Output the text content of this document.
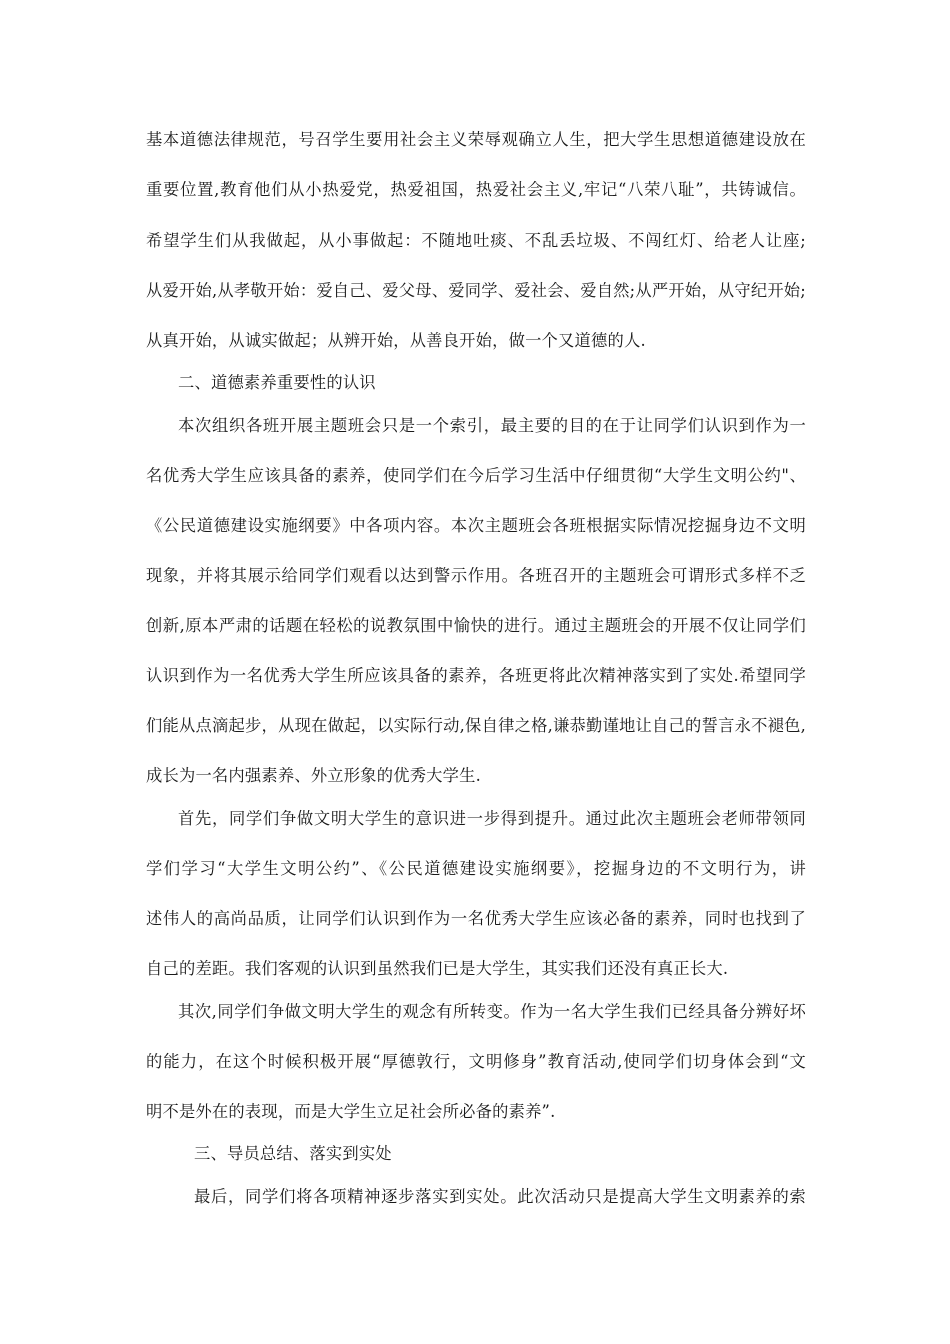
基本道德法律规范，号召学生要用社会主义荣辱观确立人生，把大学生思想道德建设放在
重要位置,教育他们从小热爱党，热爱祖国，热爱社会主义,牢记“八荣八耻”，共铸诚信。
希望学生们从我做起，从小事做起：不随地吐痰、不乱丢垃圾、不闯红灯、给老人让座;
从爱开始,从孝敬开始：爱自己、爱父母、爱同学、爱社会、爱自然;从严开始，从守纪开始;
从真开始，从诚实做起；从辨开始，从善良开始，做一个又道德的人.
二、道德素养重要性的认识
本次组织各班开展主题班会只是一个索引，最主要的目的在于让同学们认识到作为一
名优秀大学生应该具备的素养，使同学们在今后学习生活中仔细贯彻“大学生文明公约"、
《公民道德建设实施纲要》中各项内容。本次主题班会各班根据实际情况挖掘身边不文明
现象，并将其展示给同学们观看以达到警示作用。各班召开的主题班会可谓形式多样不乏
创新,原本严肃的话题在轻松的说教氛围中愉快的进行。通过主题班会的开展不仅让同学们
认识到作为一名优秀大学生所应该具备的素养，各班更将此次精神落实到了实处.希望同学
们能从点滴起步，从现在做起，以实际行动,保自律之格,谦恭勤谨地让自己的誓言永不褪色,
成长为一名内强素养、外立形象的优秀大学生.
首先，同学们争做文明大学生的意识进一步得到提升。通过此次主题班会老师带领同
学们学习“大学生文明公约”、《公民道德建设实施纲要》，挖掘身边的不文明行为，讲
述伟人的高尚品质，让同学们认识到作为一名优秀大学生应该必备的素养，同时也找到了
自己的差距。我们客观的认识到虽然我们已是大学生，其实我们还没有真正长大.
其次,同学们争做文明大学生的观念有所转变。作为一名大学生我们已经具备分辨好坏
的能力，在这个时候积极开展“厚德敦行，文明修身”教育活动,使同学们切身体会到“文
明不是外在的表现，而是大学生立足社会所必备的素养”.
三、导员总结、落实到实处
最后，同学们将各项精神逐步落实到实处。此次活动只是提高大学生文明素养的索
